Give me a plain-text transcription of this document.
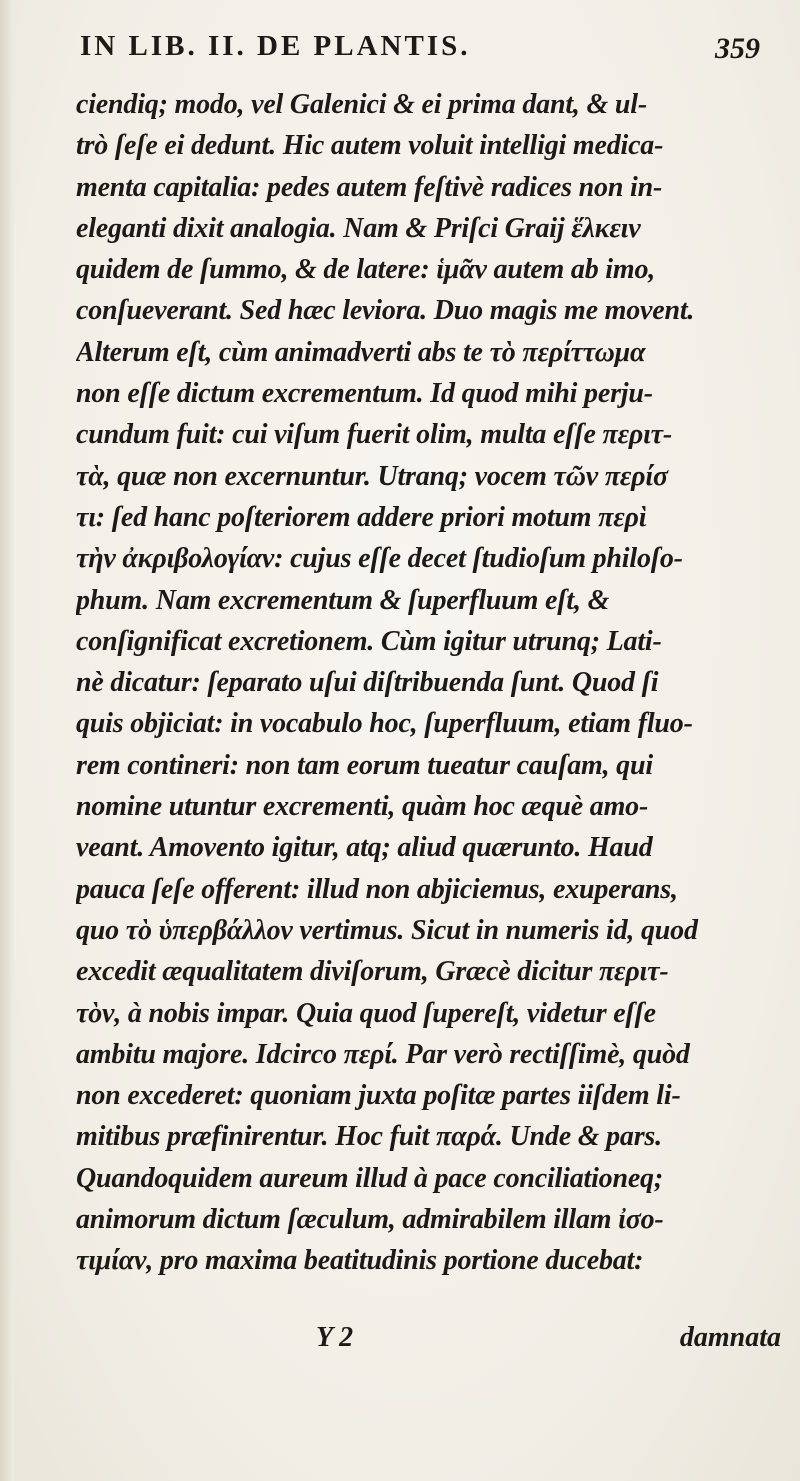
IN LIB. II. DE PLANTIS.	359
ciendiq; modo, vel Galenici & ei prima dant, & ul-
trò ſeſe ei dedunt. Hic autem voluit intelligi medica-
menta capitalia: pedes autem feſtivè radices non in-
eleganti dixit analogia. Nam & Priſci Graij ἕλκειν
quidem de ſummo, & de latere: ἱμᾶν autem ab imo,
conſueverant. Sed hæc leviora. Duo magis me movent.
Alterum eſt, cùm animadverti abs te τὸ περίττωμα
non eſſe dictum excrementum. Id quod mihi perju-
cundum fuit: cui viſum fuerit olim, multa eſſe περιτ-
τὰ, quæ non excernuntur. Utranq; vocem τῶν περίσ
τι: ſed hanc poſteriorem addere priori motum περὶ
τὴν ἀκριβολογίαν: cujus eſſe decet ſtudioſum philoſo-
phum. Nam excrementum & ſuperfluum eſt, &
conſignificat excretionem. Cùm igitur utrunq; Lati-
nè dicatur: ſeparato uſui diſtribuenda ſunt. Quod ſi
quis objiciat: in vocabulo hoc, ſuperfluum, etiam fluo-
rem contineri: non tam eorum tueatur cauſam, qui
nomine utuntur excrementi, quàm hoc æquè amo-
veant. Amovento igitur, atq; aliud quærunto. Haud
pauca ſeſe offerent: illud non abjiciemus, exuperans,
quo τὸ ὑπερβάλλον vertimus. Sicut in numeris id, quod
excedit æqualitatem diviſorum, Græcè dicitur περιτ-
τὸν, à nobis impar. Quia quod ſupereſt, videtur eſſe
ambitu majore. Idcirco περί. Par verò rectiſſimè, quòd
non excederet: quoniam juxta poſitæ partes iiſdem li-
mitibus præfinirentur. Hoc fuit παρά. Unde & pars.
Quandoquidem aureum illud à pace conciliationeq;
animorum dictum ſæculum, admirabilem illam ἰσο-
τιμίαν, pro maxima beatitudinis portione ducebat:
Y 2	damnata
